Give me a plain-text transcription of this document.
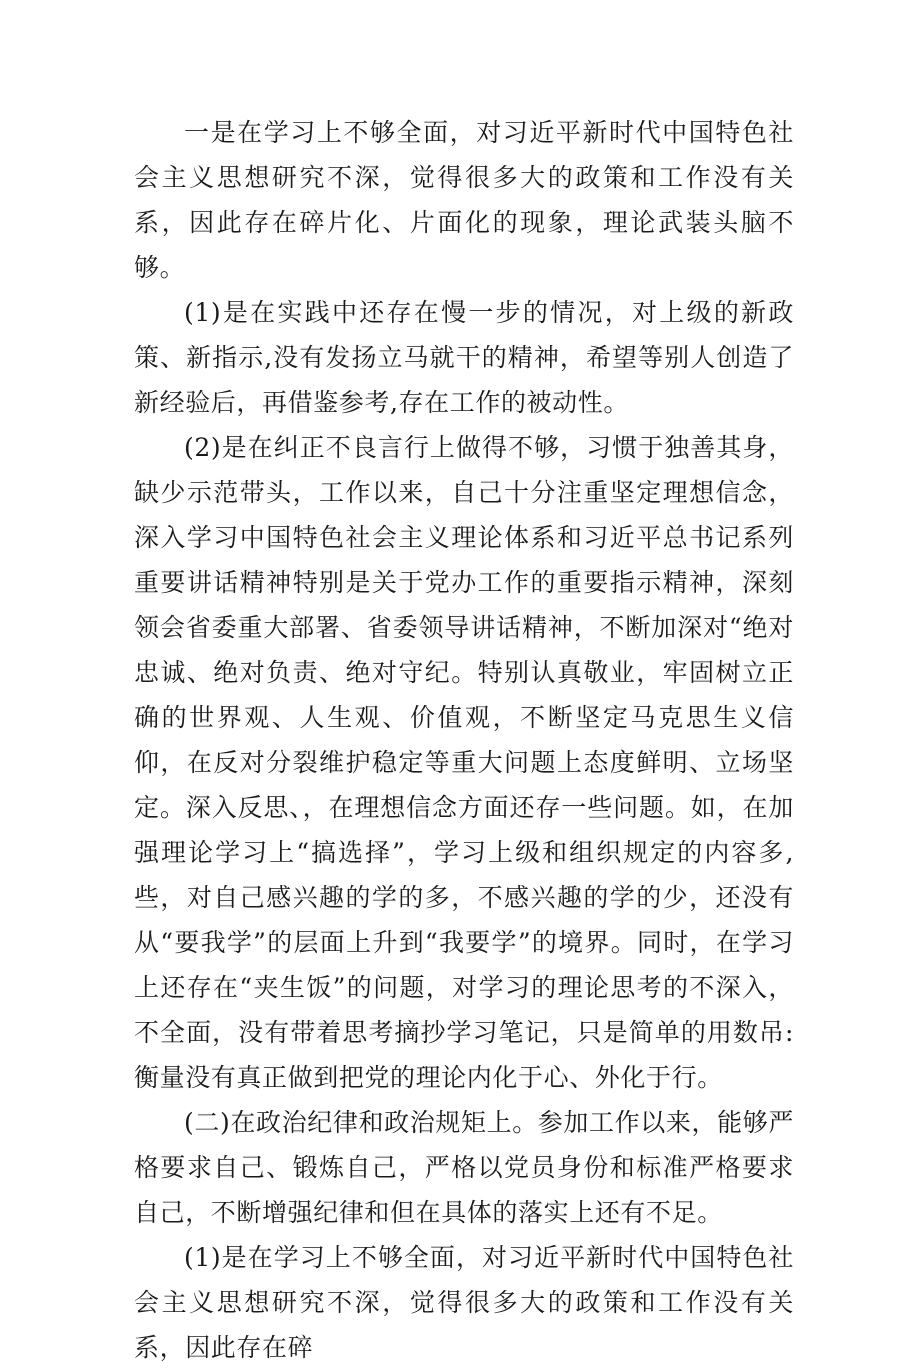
一是在学习上不够全面，对习近平新时代中国特色社会主义思想研究不深，觉得很多大的政策和工作没有关系，因此存在碎片化、片面化的现象，理论武装头脑不够。

(1)是在实践中还存在慢一步的情况，对上级的新政策、新指示,没有发扬立马就干的精神，希望等别人创造了新经验后，再借鉴参考,存在工作的被动性。

(2)是在纠正不良言行上做得不够，习惯于独善其身，缺少示范带头，工作以来，自己十分注重坚定理想信念，深入学习中国特色社会主义理论体系和习近平总书记系列重要讲话精神特别是关于党办工作的重要指示精神，深刻领会省委重大部署、省委领导讲话精神，不断加深对“绝对忠诚、绝对负责、绝对守纪。特别认真敬业，牢固树立正确的世界观、人生观、价值观，不断坚定马克思生义信仰，在反对分裂维护稳定等重大问题上态度鲜明、立场坚定。深入反思、，在理想信念方面还存一些问题。如，在加强理论学习上“搞选择”，学习上级和组织规定的内容多,些，对自己感兴趣的学的多，不感兴趣的学的少，还没有从“要我学”的层面上升到“我要学”的境界。同时，在学习上还存在“夹生饭”的问题，对学习的理论思考的不深入，不全面，没有带着思考摘抄学习笔记，只是简单的用数吊:衡量没有真正做到把党的理论内化于心、外化于行。

(二)在政治纪律和政治规矩上。参加工作以来，能够严格要求自己、锻炼自己，严格以党员身份和标准严格要求自己，不断增强纪律和但在具体的落实上还有不足。

(1)是在学习上不够全面，对习近平新时代中国特色社会主义思想研究不深，觉得很多大的政策和工作没有关系，因此存在碎
